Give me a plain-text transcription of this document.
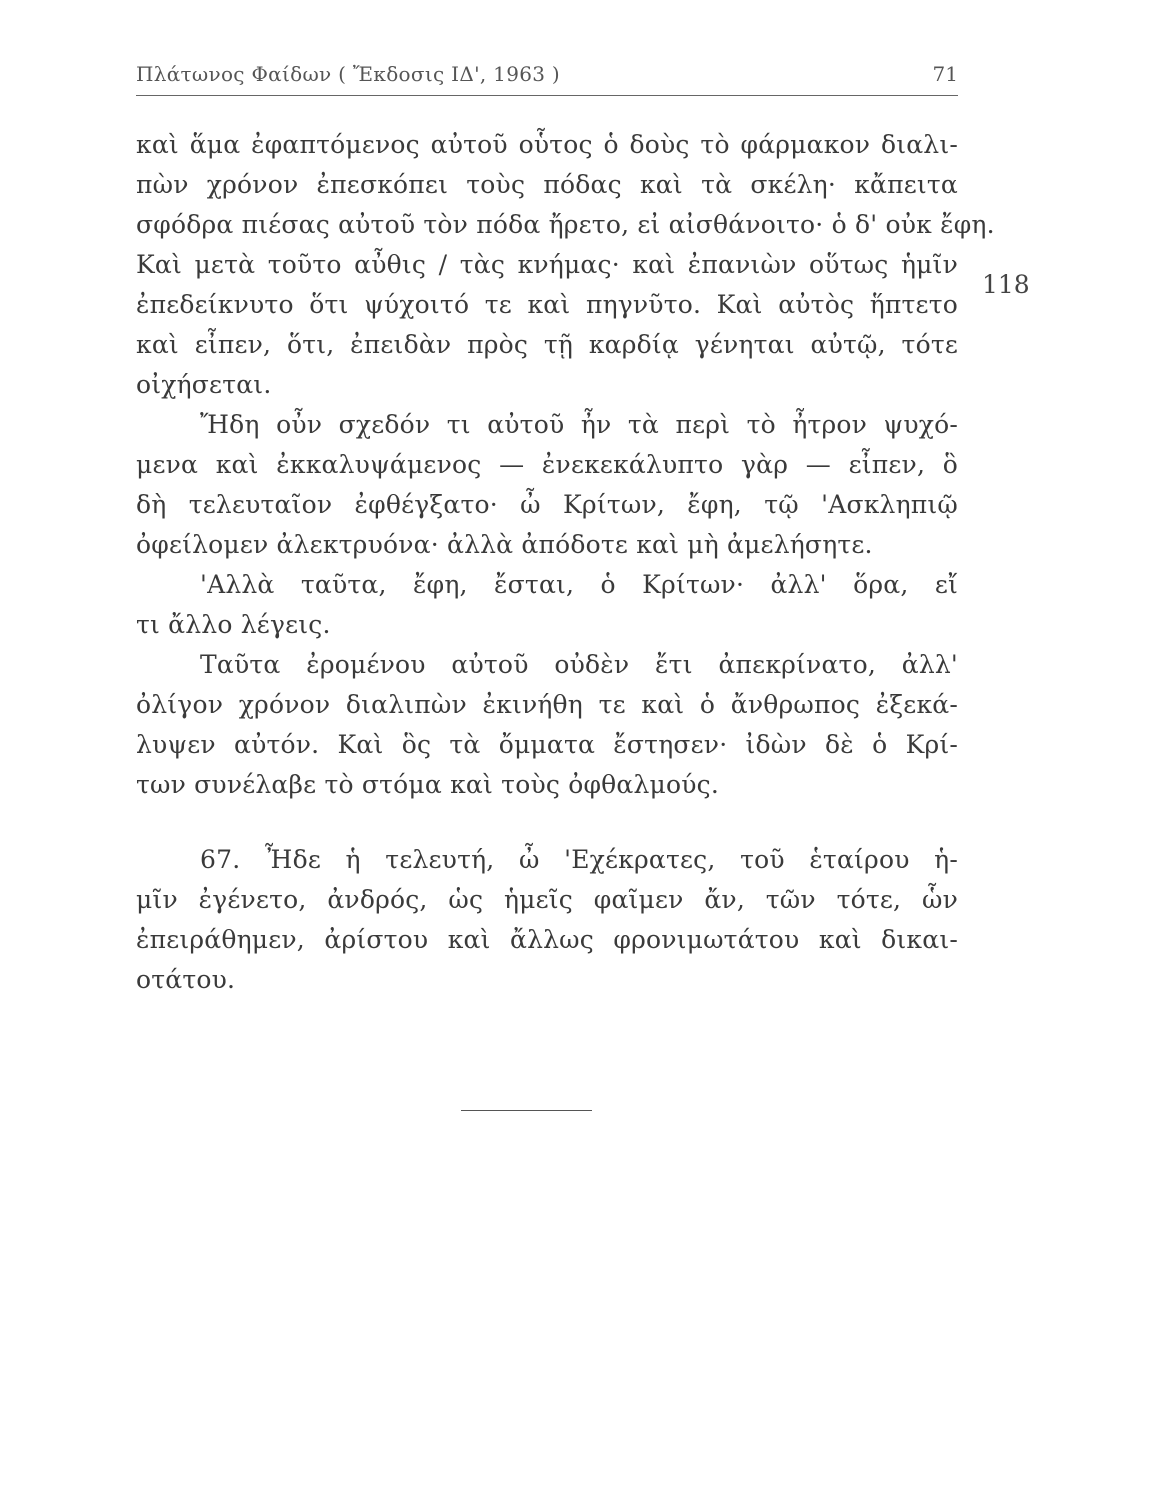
Πλάτωνος Φαίδων ( Ἔκδοσις ΙΔ', 1963 )	71
118
καὶ ἅμα ἐφαπτόμενος αὐτοῦ οὗτος ὁ δοὺς τὸ φάρμακον διαλι-
πὼν χρόνον ἐπεσκόπει τοὺς πόδας καὶ τὰ σκέλη· κἄπειτα
σφόδρα πιέσας αὐτοῦ τὸν πόδα ἤρετο, εἰ αἰσθάνοιτο· ὁ δ' οὐκ ἔφη.
Καὶ μετὰ τοῦτο αὖθις / τὰς κνήμας· καὶ ἐπανιὼν οὕτως ἡμῖν
ἐπεδείκνυτο ὅτι ψύχοιτό τε καὶ πηγνῦτο. Καὶ αὐτὸς ἥπτετο
καὶ εἶπεν, ὅτι, ἐπειδὰν πρὸς τῇ καρδίᾳ γένηται αὐτῷ, τότε
οἰχήσεται.
Ἤδη οὖν σχεδόν τι αὐτοῦ ἦν τὰ περὶ τὸ ἦτρον ψυχό-
μενα καὶ ἐκκαλυψάμενος — ἐνεκεκάλυπτο γὰρ — εἶπεν, ὃ
δὴ τελευταῖον ἐφθέγξατο· ὦ Κρίτων, ἔφη, τῷ 'Ασκληπιῷ
ὀφείλομεν ἀλεκτρυόνα· ἀλλὰ ἀπόδοτε καὶ μὴ ἀμελήσητε.
'Αλλὰ ταῦτα, ἔφη, ἔσται, ὁ Κρίτων· ἀλλ' ὅρα, εἴ
τι ἄλλο λέγεις.
Ταῦτα ἐρομένου αὐτοῦ οὐδὲν ἔτι ἀπεκρίνατο, ἀλλ'
ὀλίγον χρόνον διαλιπὼν ἐκινήθη τε καὶ ὁ ἄνθρωπος ἐξεκά-
λυψεν αὐτόν. Καὶ ὃς τὰ ὄμματα ἔστησεν· ἰδὼν δὲ ὁ Κρί-
των συνέλαβε τὸ στόμα καὶ τοὺς ὀφθαλμούς.
67. Ἦδε ἡ τελευτή, ὦ 'Εχέκρατες, τοῦ ἑταίρου ἡ-
μῖν ἐγένετο, ἀνδρός, ὡς ἡμεῖς φαῖμεν ἄν, τῶν τότε, ὧν
ἐπειράθημεν, ἀρίστου καὶ ἄλλως φρονιμωτάτου καὶ δικαι-
οτάτου.
